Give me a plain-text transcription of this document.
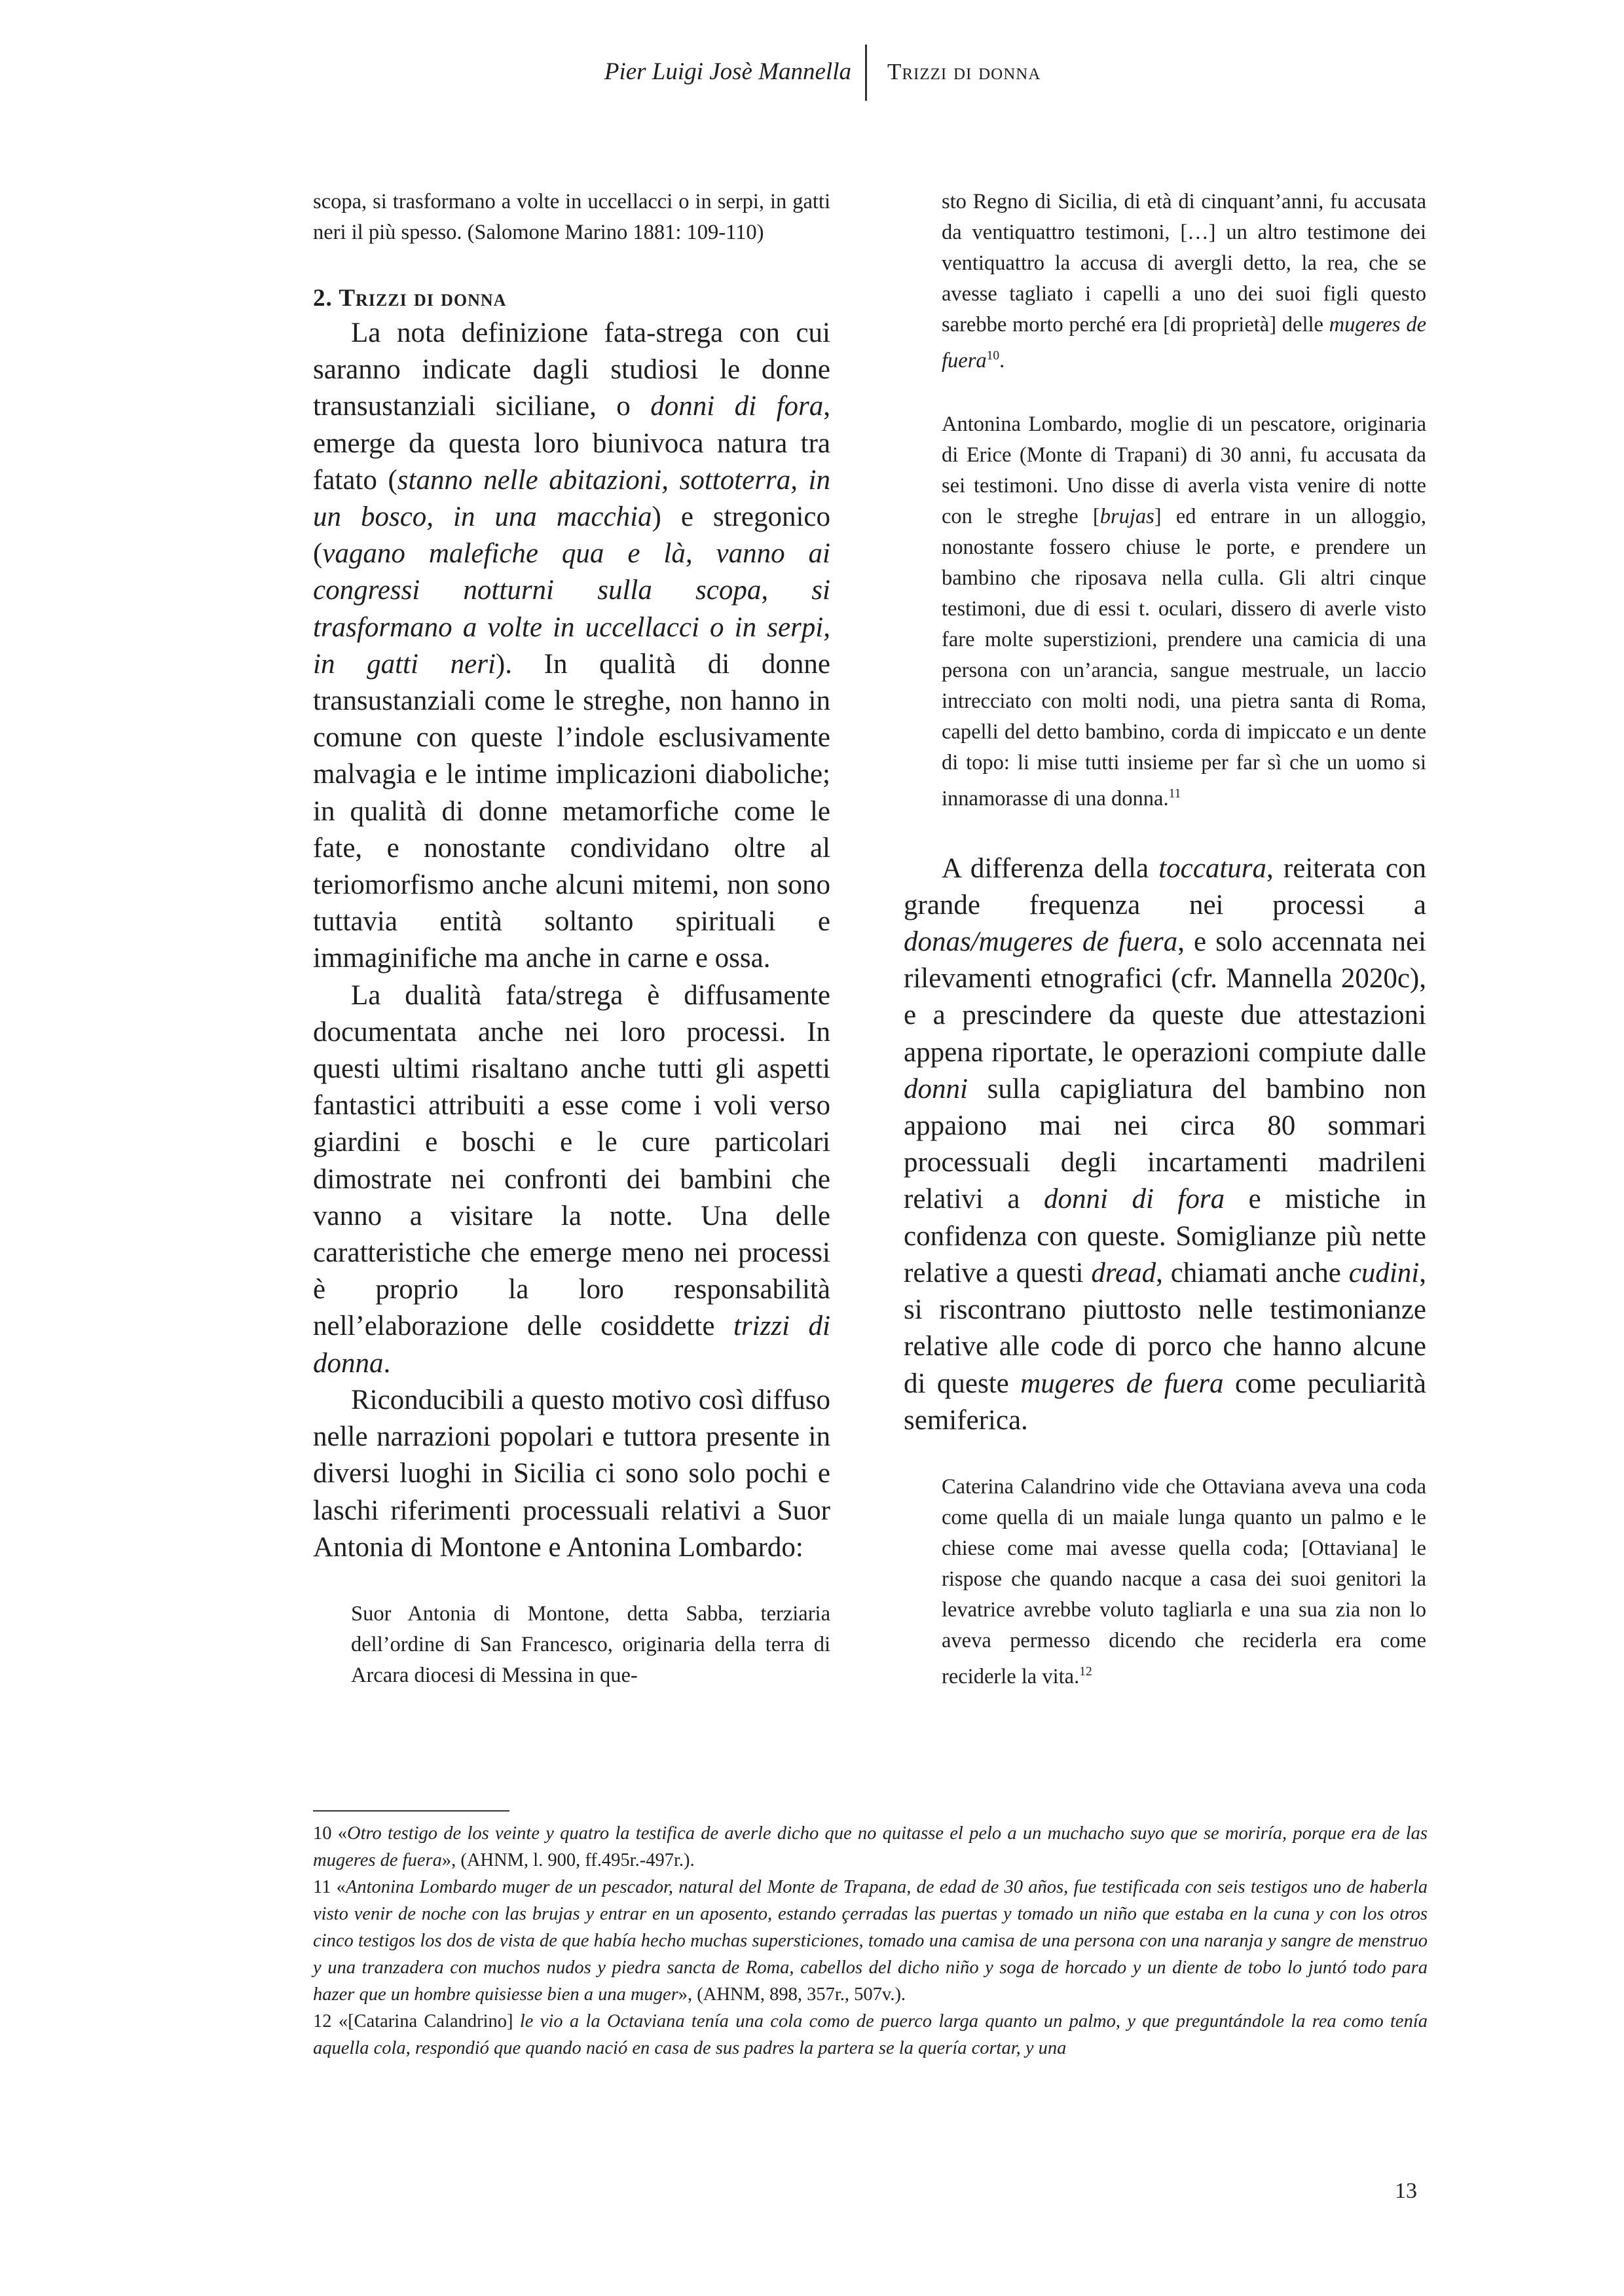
Pier Luigi Josè Mannella Trizzi di donna

scopa, si trasformano a volte in uccellacci o in serpi, in gatti neri il più spesso. (Salomone Marino 1881: 109-110)

2. Trizzi di donna

La nota definizione fata-strega con cui saranno indicate dagli studiosi le donne transustanziali siciliane, o donni di fora, emerge da questa loro biunivoca natura tra fatato (stanno nelle abitazioni, sottoterra, in un bosco, in una macchia) e stregonico (vagano malefiche qua e là, vanno ai congressi notturni sulla scopa, si trasformano a volte in uccellacci o in serpi, in gatti neri). In qualità di donne transustanziali come le streghe, non hanno in comune con queste l’indole esclusivamente malvagia e le intime implicazioni diaboliche; in qualità di donne metamorfiche come le fate, e nonostante condividano oltre al teriomorfismo anche alcuni mitemi, non sono tuttavia entità soltanto spirituali e immaginifiche ma anche in carne e ossa.

La dualità fata/strega è diffusamente documentata anche nei loro processi. In questi ultimi risaltano anche tutti gli aspetti fantastici attribuiti a esse come i voli verso giardini e boschi e le cure particolari dimostrate nei confronti dei bambini che vanno a visitare la notte. Una delle caratteristiche che emerge meno nei processi è proprio la loro responsabilità nell’elaborazione delle cosiddette trizzi di donna.

Riconducibili a questo motivo così diffuso nelle narrazioni popolari e tuttora presente in diversi luoghi in Sicilia ci sono solo pochi e laschi riferimenti processuali relativi a Suor Antonia di Montone e Antonina Lombardo:

Suor Antonia di Montone, detta Sabba, terziaria dell’ordine di San Francesco, originaria della terra di Arcara diocesi di Messina in que-

sto Regno di Sicilia, di età di cinquant’anni, fu accusata da ventiquattro testimoni, […] un altro testimone dei ventiquattro la accusa di avergli detto, la rea, che se avesse tagliato i capelli a uno dei suoi figli questo sarebbe morto perché era [di proprietà] delle mugeres de fuera$^{10}$.

Antonina Lombardo, moglie di un pescatore, originaria di Erice (Monte di Trapani) di 30 anni, fu accusata da sei testimoni. Uno disse di averla vista venire di notte con le streghe [brujas] ed entrare in un alloggio, nonostante fossero chiuse le porte, e prendere un bambino che riposava nella culla. Gli altri cinque testimoni, due di essi t. oculari, dissero di averle visto fare molte superstizioni, prendere una camicia di una persona con un’arancia, sangue mestruale, un laccio intrecciato con molti nodi, una pietra santa di Roma, capelli del detto bambino, corda di impiccato e un dente di topo: li mise tutti insieme per far sì che un uomo si innamorasse di una donna.$^{11}$

A differenza della toccatura, reiterata con grande frequenza nei processi a donas/mugeres de fuera, e solo accennata nei rilevamenti etnografici (cfr. Mannella 2020c), e a prescindere da queste due attestazioni appena riportate, le operazioni compiute dalle donni sulla capigliatura del bambino non appaiono mai nei circa 80 sommari processuali degli incartamenti madrileni relativi a donni di fora e mistiche in confidenza con queste. Somiglianze più nette relative a questi dread, chiamati anche cudini, si riscontrano piuttosto nelle testimonianze relative alle code di porco che hanno alcune di queste mugeres de fuera come peculiarità semiferica.

Caterina Calandrino vide che Ottaviana aveva una coda come quella di un maiale lunga quanto un palmo e le chiese come mai avesse quella coda; [Ottaviana] le rispose che quando nacque a casa dei suoi genitori la levatrice avrebbe voluto tagliarla e una sua zia non lo aveva permesso dicendo che reciderla era come reciderle la vita.$^{12}$

10 «Otro testigo de los veinte y quatro la testifica de averle dicho que no quitasse el pelo a un muchacho suyo que se moriría, porque era de las mugeres de fuera», (AHNM, l. 900, ff.495r.-497r.).

11 «Antonina Lombardo muger de un pescador, natural del Monte de Trapana, de edad de 30 años, fue testificada con seis testigos uno de haberla visto venir de noche con las brujas y entrar en un aposento, estando çerradas las puertas y tomado un niño que estaba en la cuna y con los otros cinco testigos los dos de vista de que había hecho muchas supersticiones, tomado una camisa de una persona con una naranja y sangre de menstruo y una tranzadera con muchos nudos y piedra sancta de Roma, cabellos del dicho niño y soga de horcado y un diente de tobo lo juntó todo para hazer que un hombre quisiesse bien a una muger», (AHNM, 898, 357r., 507v.).

12 «[Catarina Calandrino] le vio a la Octaviana tenía una cola como de puerco larga quanto un palmo, y que preguntándole la rea como tenía aquella cola, respondió que quando nació en casa de sus padres la partera se la quería cortar, y una

13
